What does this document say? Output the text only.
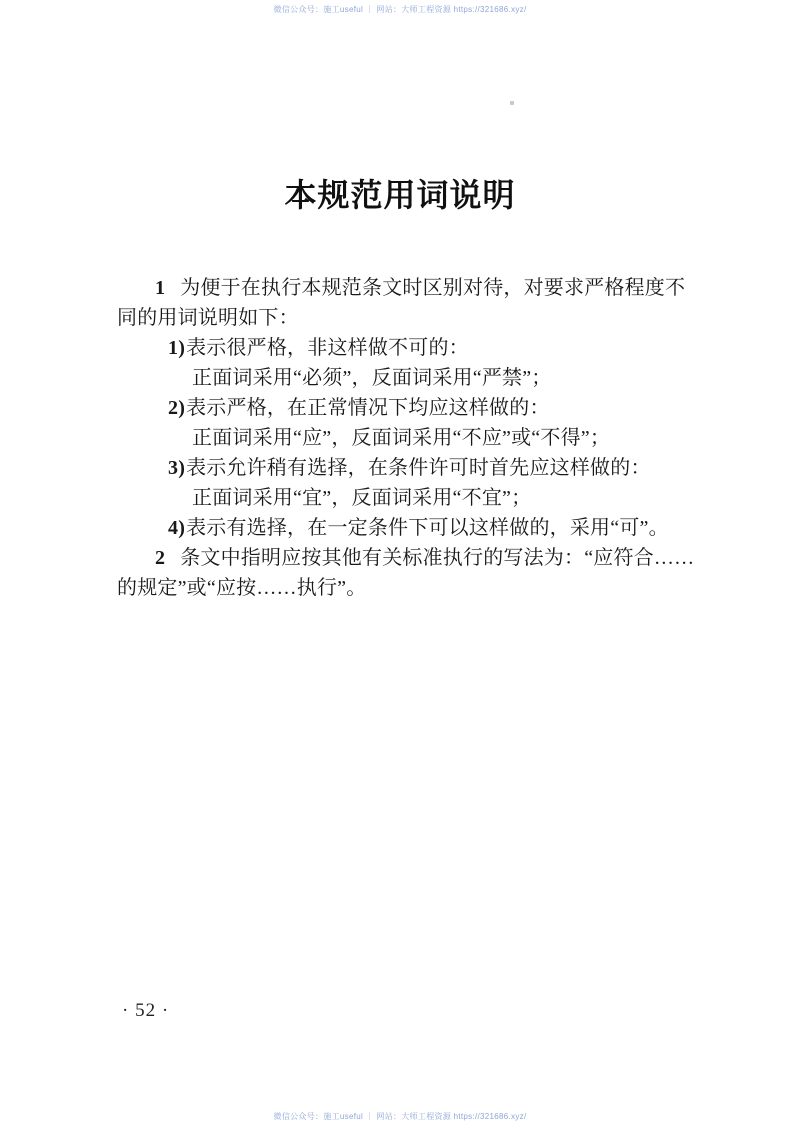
微信公众号：施工useful ｜ 网站：大师工程资源 https://321686.xyz/
本规范用词说明
1 为便于在执行本规范条文时区别对待，对要求严格程度不
同的用词说明如下：
1)表示很严格，非这样做不可的：
正面词采用“必须”，反面词采用“严禁”；
2)表示严格，在正常情况下均应这样做的：
正面词采用“应”，反面词采用“不应”或“不得”；
3)表示允许稍有选择，在条件许可时首先应这样做的：
正面词采用“宜”，反面词采用“不宜”；
4)表示有选择，在一定条件下可以这样做的，采用“可”。
2 条文中指明应按其他有关标准执行的写法为：“应符合……
的规定”或“应按……执行”。
· 52 ·
微信公众号：施工useful ｜ 网站：大师工程资源 https://321686.xyz/
